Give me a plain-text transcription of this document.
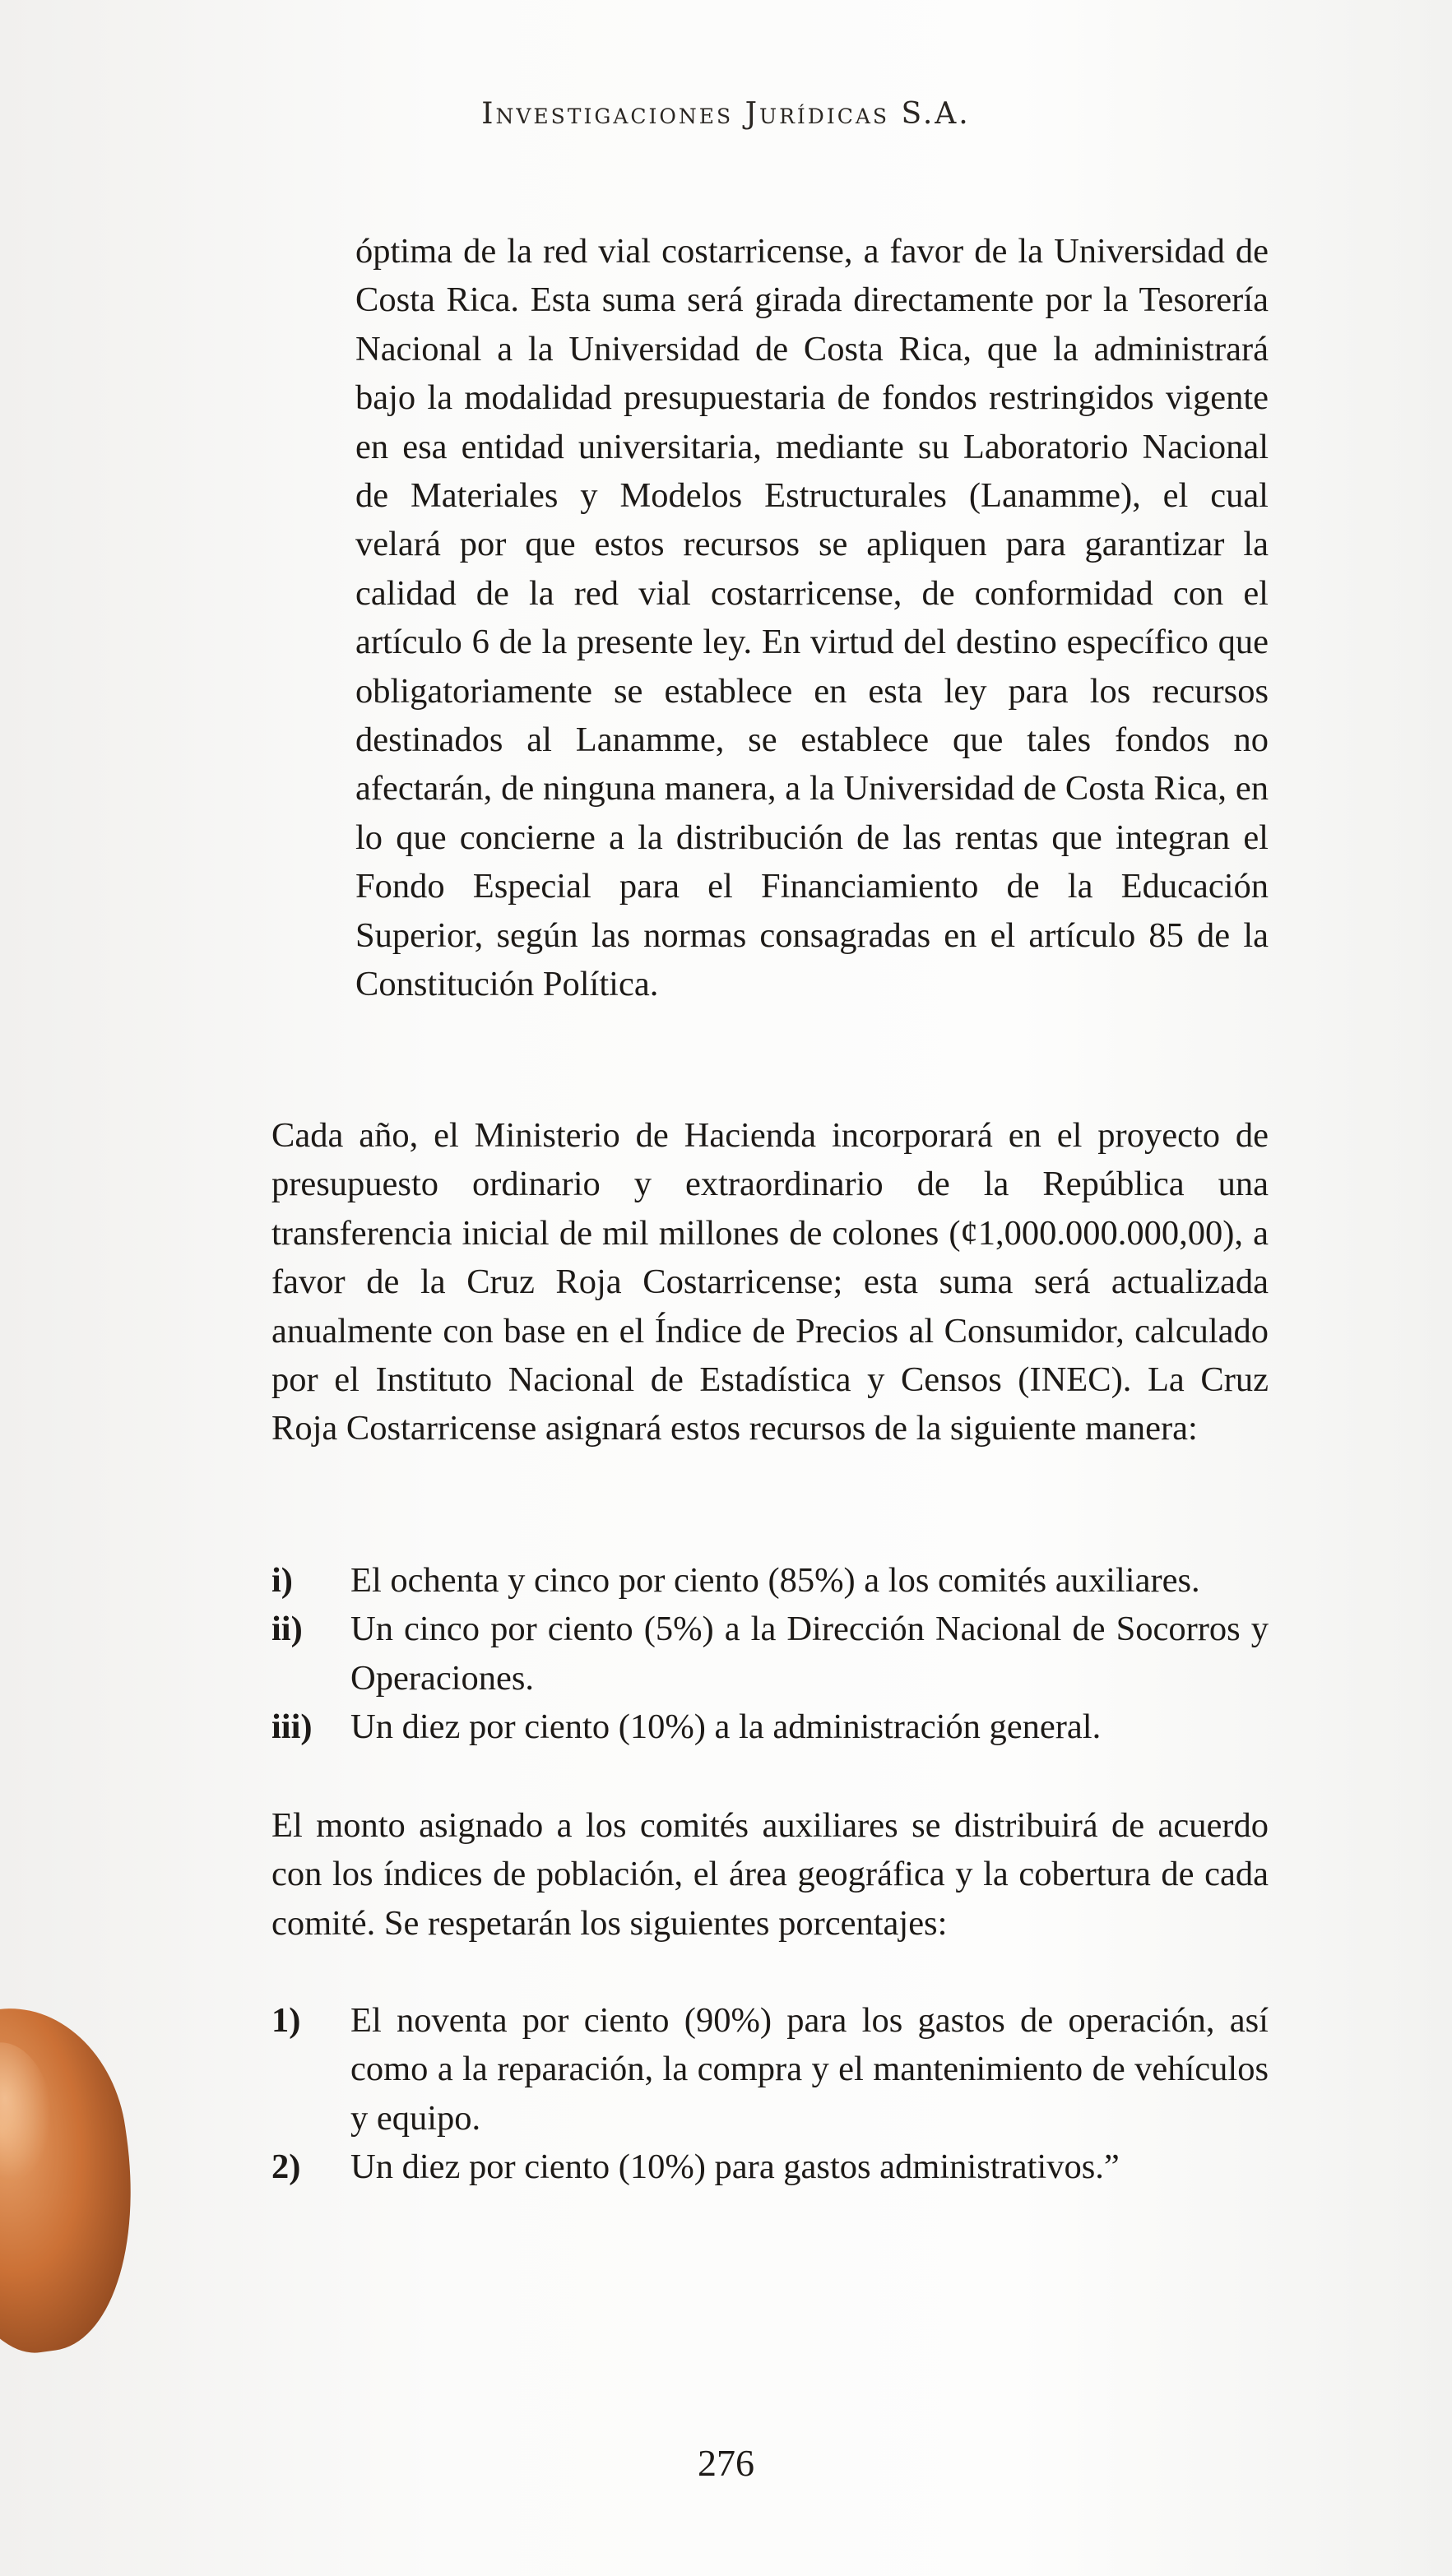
Investigaciones Jurídicas S.A.

óptima de la red vial costarricense, a favor de la Universidad de Costa Rica. Esta suma será girada directamente por la Tesorería Nacional a la Universidad de Costa Rica, que la administrará bajo la modalidad presupuestaria de fondos restringidos vigente en esa entidad universitaria, mediante su Laboratorio Nacional de Materiales y Modelos Estructurales (Lanamme), el cual velará por que estos recursos se apliquen para garantizar la calidad de la red vial costarricense, de conformidad con el artículo 6 de la presente ley. En virtud del destino específico que obligatoriamente se establece en esta ley para los recursos destinados al Lanamme, se establece que tales fondos no afectarán, de ninguna manera, a la Universidad de Costa Rica, en lo que concierne a la distribución de las rentas que integran el Fondo Especial para el Financiamiento de la Educación Superior, según las normas consagradas en el artículo 85 de la Constitución Política.

Cada año, el Ministerio de Hacienda incorporará en el proyecto de presupuesto ordinario y extraordinario de la República una transferencia inicial de mil millones de colones (¢1,000.000.000,00), a favor de la Cruz Roja Costarricense; esta suma será actualizada anualmente con base en el Índice de Precios al Consumidor, calculado por el Instituto Nacional de Estadística y Censos (INEC). La Cruz Roja Costarricense asignará estos recursos de la siguiente manera:

i) El ochenta y cinco por ciento (85%) a los comités auxiliares.
ii) Un cinco por ciento (5%) a la Dirección Nacional de Socorros y Operaciones.
iii) Un diez por ciento (10%) a la administración general.

El monto asignado a los comités auxiliares se distribuirá de acuerdo con los índices de población, el área geográfica y la cobertura de cada comité. Se respetarán los siguientes porcentajes:

1) El noventa por ciento (90%) para los gastos de operación, así como a la reparación, la compra y el mantenimiento de vehículos y equipo.
2) Un diez por ciento (10%) para gastos administrativos.”
276
